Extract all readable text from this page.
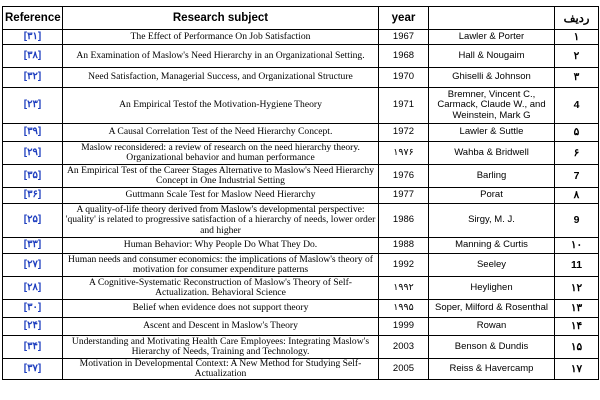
Reference	Research subject	year		ردیف
[۳۱]	The Effect of Performance On Job Satisfaction	1967	Lawler & Porter	۱
[۳۸]	An Examination of Maslow's Need Hierarchy in an Organizational Setting.	1968	Hall & Nougaim	۲
[۳۲]	Need Satisfaction, Managerial Success, and Organizational Structure	1970	Ghiselli & Johnson	۳
[۲۳]	An Empirical Testof the Motivation-Hygiene Theory	1971	Bremner, Vincent C., Carmack, Claude W., and Weinstein, Mark G	4
[۳۹]	A Causal Correlation Test of the Need Hierarchy Concept.	1972	Lawler & Suttle	۵
[۲۹]	Maslow reconsidered: a review of research on the need hierarchy theory. Organizational behavior and human performance	۱۹۷۶	Wahba & Bridwell	۶
[۳۵]	An Empirical Test of the Career Stages Alternative to Maslow's Need Hierarchy Concept in One Industrial Setting	1976	Barling	7
[۳۶]	Guttmann Scale Test for Maslow Need Hierarchy	1977	Porat	۸
[۲۵]	A quality-of-life theory derived from Maslow's developmental perspective: 'quality' is related to progressive satisfaction of a hierarchy of needs, lower order and higher	1986	Sirgy, M. J.	9
[۳۳]	Human Behavior: Why People Do What They Do.	1988	Manning & Curtis	۱۰
[۲۷]	Human needs and consumer economics: the implications of Maslow's theory of motivation for consumer expenditure patterns	1992	Seeley	11
[۲۸]	A Cognitive-Systematic Reconstruction of Maslow's Theory of Self-Actualization. Behavioral Science	۱۹۹۲	Heylighen	۱۲
[۳۰]	Belief when evidence does not support theory	۱۹۹۵	Soper, Milford & Rosenthal	۱۳
[۲۴]	Ascent and Descent in Maslow's Theory	1999	Rowan	۱۴
[۳۴]	Understanding and Motivating Health Care Employees: Integrating Maslow's Hierarchy of Needs, Training and Technology.	2003	Benson & Dundis	۱۵
[۳۷]	Motivation in Developmental Context: A New Method for Studying Self-Actualization	2005	Reiss & Havercamp	۱۷
